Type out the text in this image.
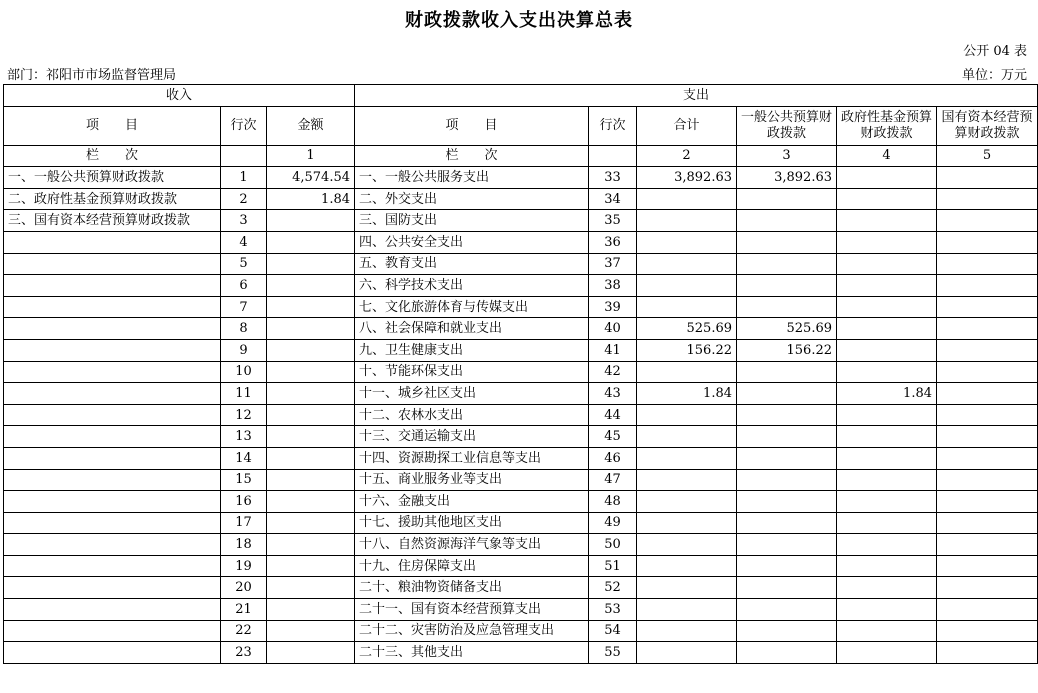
财政拨款收入支出决算总表
公开 04 表
部门：祁阳市市场监督管理局	单位：万元
收入			支出					
项　　目	行次	金额	项　　目	行次	合计	一般公共预算财政拨款	政府性基金预算财政拨款	国有资本经营预算财政拨款
栏　　次		1	栏　　次		2	3	4	5
一、一般公共预算财政拨款	1	4,574.54	一、一般公共服务支出	33	3,892.63	3,892.63		
二、政府性基金预算财政拨款	2	1.84	二、外交支出	34				
三、国有资本经营预算财政拨款	3		三、国防支出	35				
	4		四、公共安全支出	36				
	5		五、教育支出	37				
	6		六、科学技术支出	38				
	7		七、文化旅游体育与传媒支出	39				
	8		八、社会保障和就业支出	40	525.69	525.69		
	9		九、卫生健康支出	41	156.22	156.22		
	10		十、节能环保支出	42				
	11		十一、城乡社区支出	43	1.84		1.84	
	12		十二、农林水支出	44				
	13		十三、交通运输支出	45				
	14		十四、资源勘探工业信息等支出	46				
	15		十五、商业服务业等支出	47				
	16		十六、金融支出	48				
	17		十七、援助其他地区支出	49				
	18		十八、自然资源海洋气象等支出	50				
	19		十九、住房保障支出	51				
	20		二十、粮油物资储备支出	52				
	21		二十一、国有资本经营预算支出	53				
	22		二十二、灾害防治及应急管理支出	54				
	23		二十三、其他支出	55				
